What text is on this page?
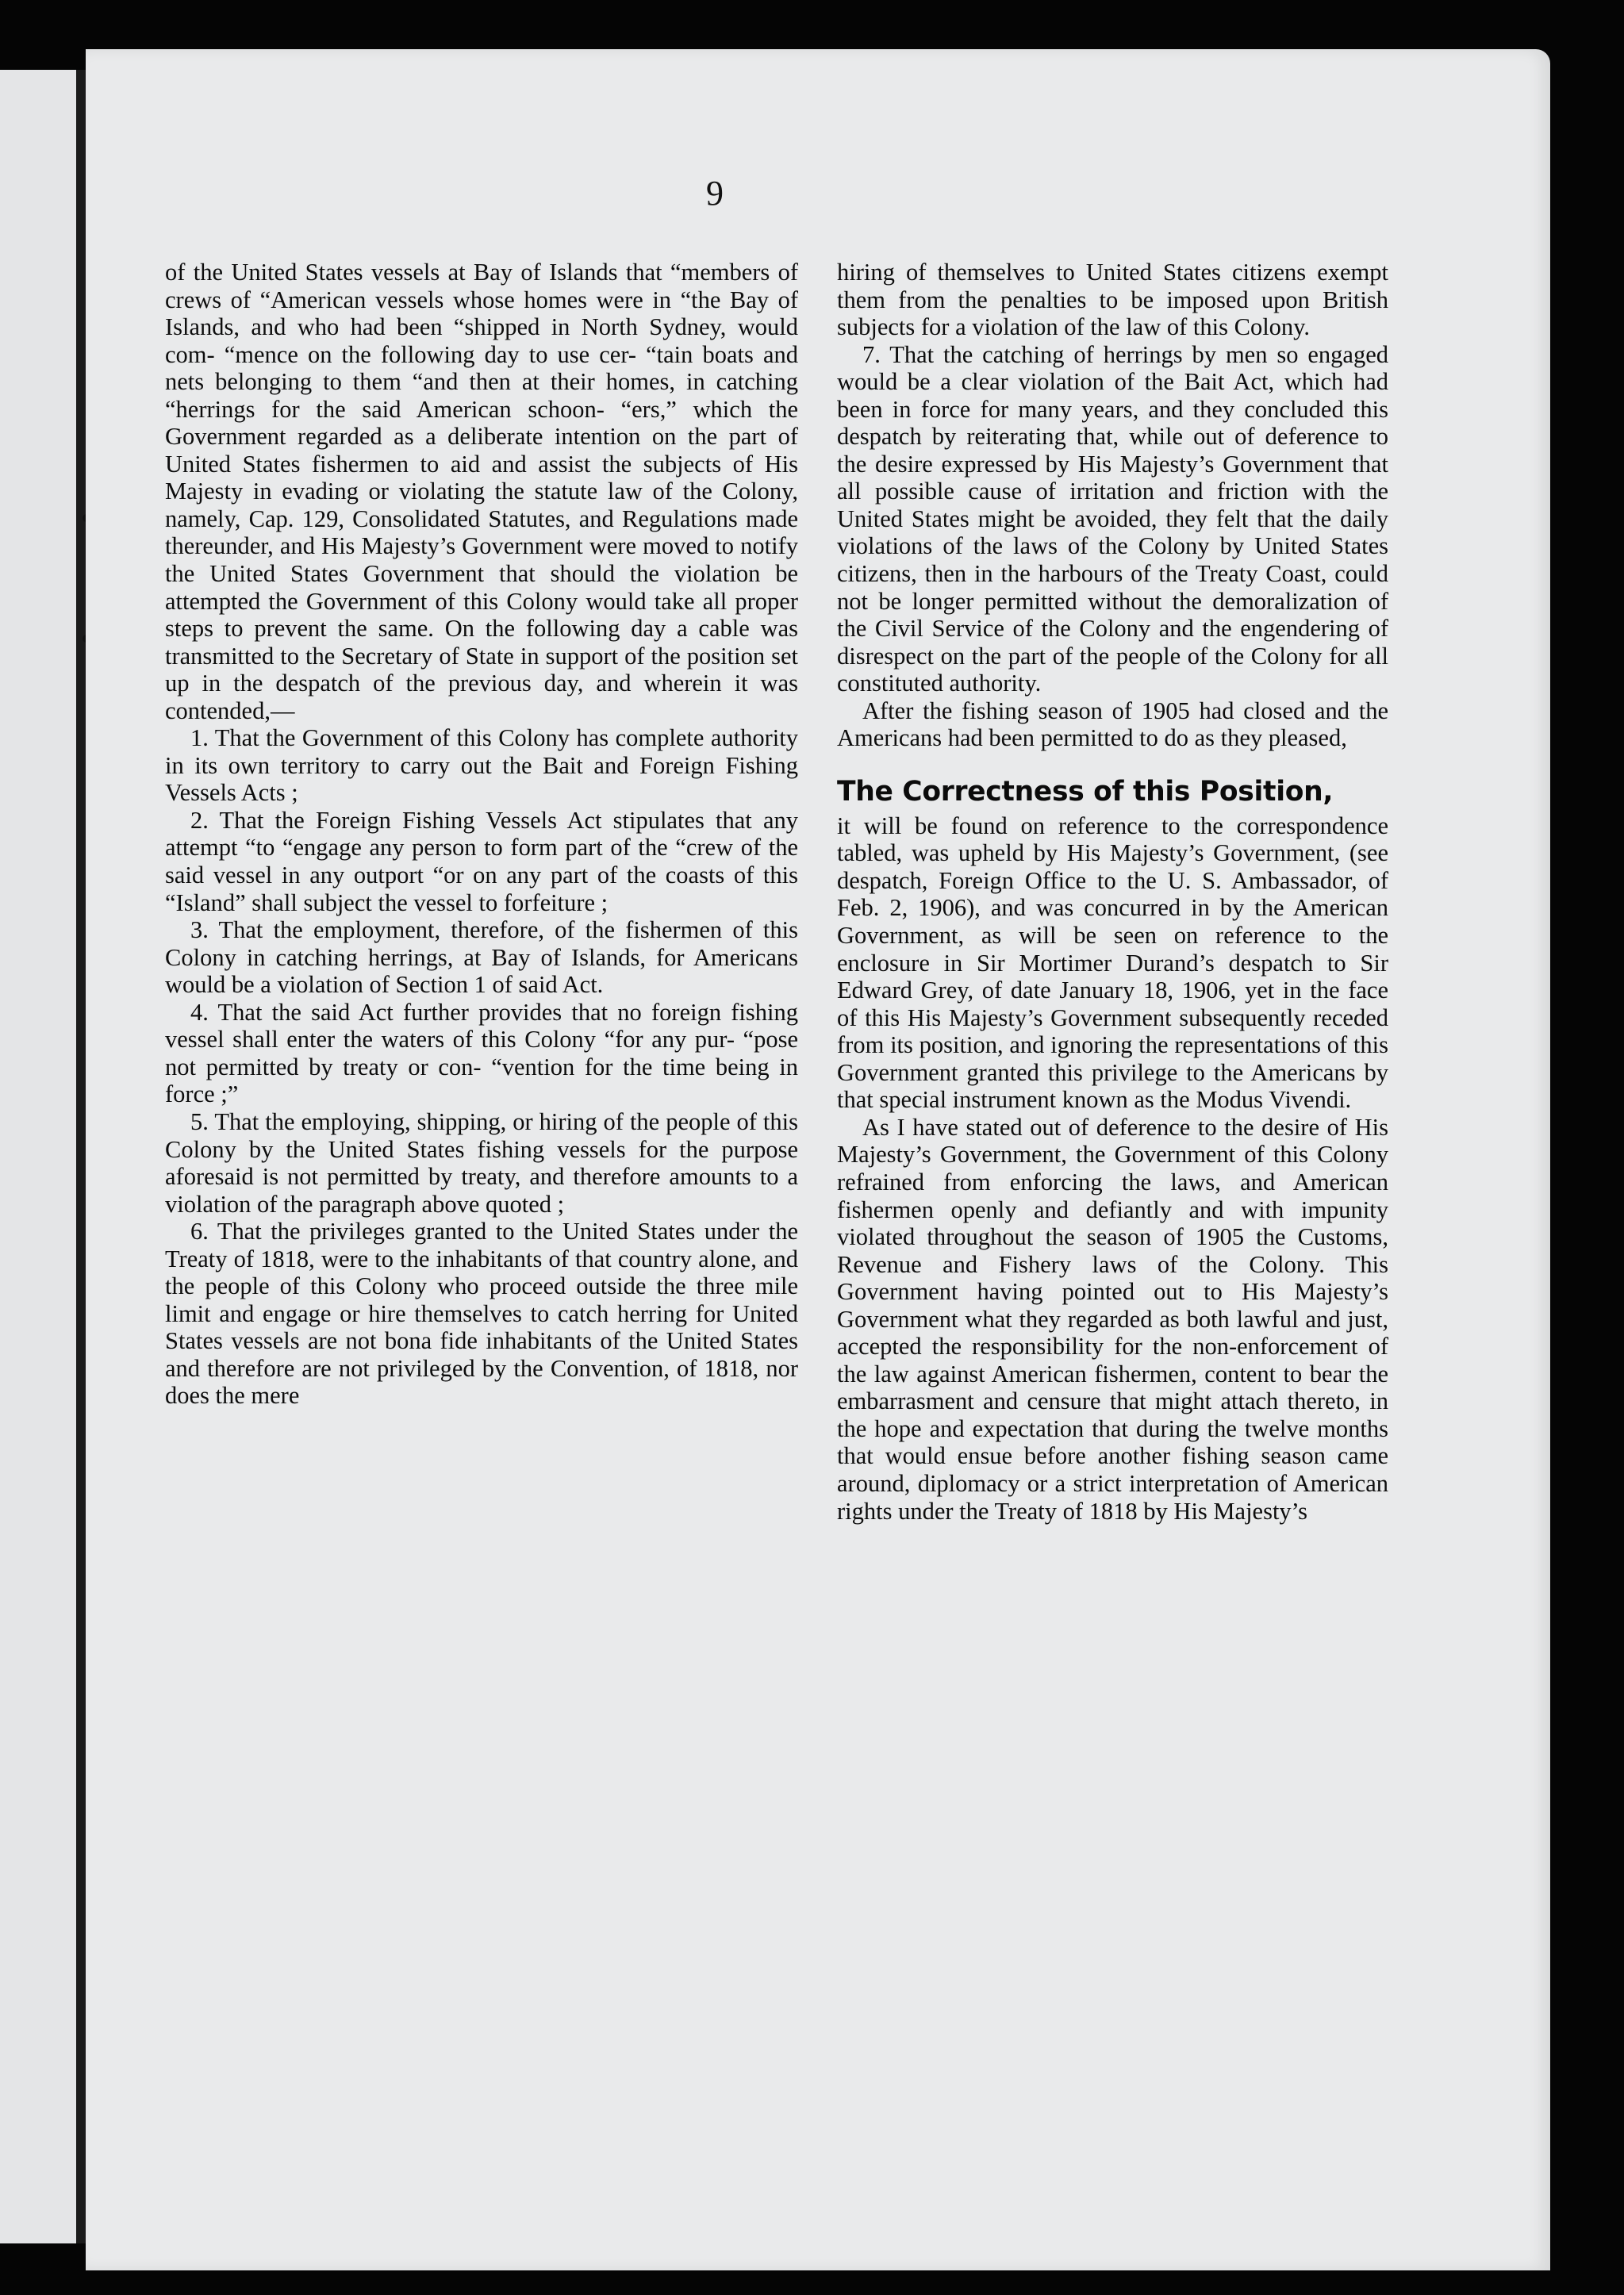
9

of the United States vessels at Bay of Islands that “members of crews of “American vessels whose homes were in “the Bay of Islands, and who had been “shipped in North Sydney, would com- “mence on the following day to use cer- “tain boats and nets belonging to them “and then at their homes, in catching “herrings for the said American schoon- “ers,” which the Government regarded as a deliberate intention on the part of United States fishermen to aid and assist the subjects of His Majesty in evading or violating the statute law of the Colony, namely, Cap. 129, Consolidated Statutes, and Regulations made thereunder, and His Majesty’s Government were moved to notify the United States Government that should the violation be attempted the Government of this Colony would take all proper steps to prevent the same. On the following day a cable was transmitted to the Secretary of State in support of the position set up in the despatch of the previous day, and wherein it was contended,—

1. That the Government of this Colony has complete authority in its own territory to carry out the Bait and Foreign Fishing Vessels Acts ;

2. That the Foreign Fishing Vessels Act stipulates that any attempt “to “engage any person to form part of the “crew of the said vessel in any outport “or on any part of the coasts of this “Island” shall subject the vessel to forfeiture ;

3. That the employment, therefore, of the fishermen of this Colony in catching herrings, at Bay of Islands, for Americans would be a violation of Section 1 of said Act.

4. That the said Act further provides that no foreign fishing vessel shall enter the waters of this Colony “for any pur- “pose not permitted by treaty or con- “vention for the time being in force ;”

5. That the employing, shipping, or hiring of the people of this Colony by the United States fishing vessels for the purpose aforesaid is not permitted by treaty, and therefore amounts to a violation of the paragraph above quoted ;

6. That the privileges granted to the United States under the Treaty of 1818, were to the inhabitants of that country alone, and the people of this Colony who proceed outside the three mile limit and engage or hire themselves to catch herring for United States vessels are not bona fide inhabitants of the United States and therefore are not privileged by the Convention, of 1818, nor does the mere

hiring of themselves to United States citizens exempt them from the penalties to be imposed upon British subjects for a violation of the law of this Colony.

7. That the catching of herrings by men so engaged would be a clear violation of the Bait Act, which had been in force for many years, and they concluded this despatch by reiterating that, while out of deference to the desire expressed by His Majesty’s Government that all possible cause of irritation and friction with the United States might be avoided, they felt that the daily violations of the laws of the Colony by United States citizens, then in the harbours of the Treaty Coast, could not be longer permitted without the demoralization of the Civil Service of the Colony and the engendering of disrespect on the part of the people of the Colony for all constituted authority.

After the fishing season of 1905 had closed and the Americans had been permitted to do as they pleased,

The Correctness of this Position,

it will be found on reference to the correspondence tabled, was upheld by His Majesty’s Government, (see despatch, Foreign Office to the U. S. Ambassador, of Feb. 2, 1906), and was concurred in by the American Government, as will be seen on reference to the enclosure in Sir Mortimer Durand’s despatch to Sir Edward Grey, of date January 18, 1906, yet in the face of this His Majesty’s Government subsequently receded from its position, and ignoring the representations of this Government granted this privilege to the Americans by that special instrument known as the Modus Vivendi.

As I have stated out of deference to the desire of His Majesty’s Government, the Government of this Colony refrained from enforcing the laws, and American fishermen openly and defiantly and with impunity violated throughout the season of 1905 the Customs, Revenue and Fishery laws of the Colony. This Government having pointed out to His Majesty’s Government what they regarded as both lawful and just, accepted the responsibility for the non-enforcement of the law against American fishermen, content to bear the embarrasment and censure that might attach thereto, in the hope and expectation that during the twelve months that would ensue before another fishing season came around, diplomacy or a strict interpretation of American rights under the Treaty of 1818 by His Majesty’s
